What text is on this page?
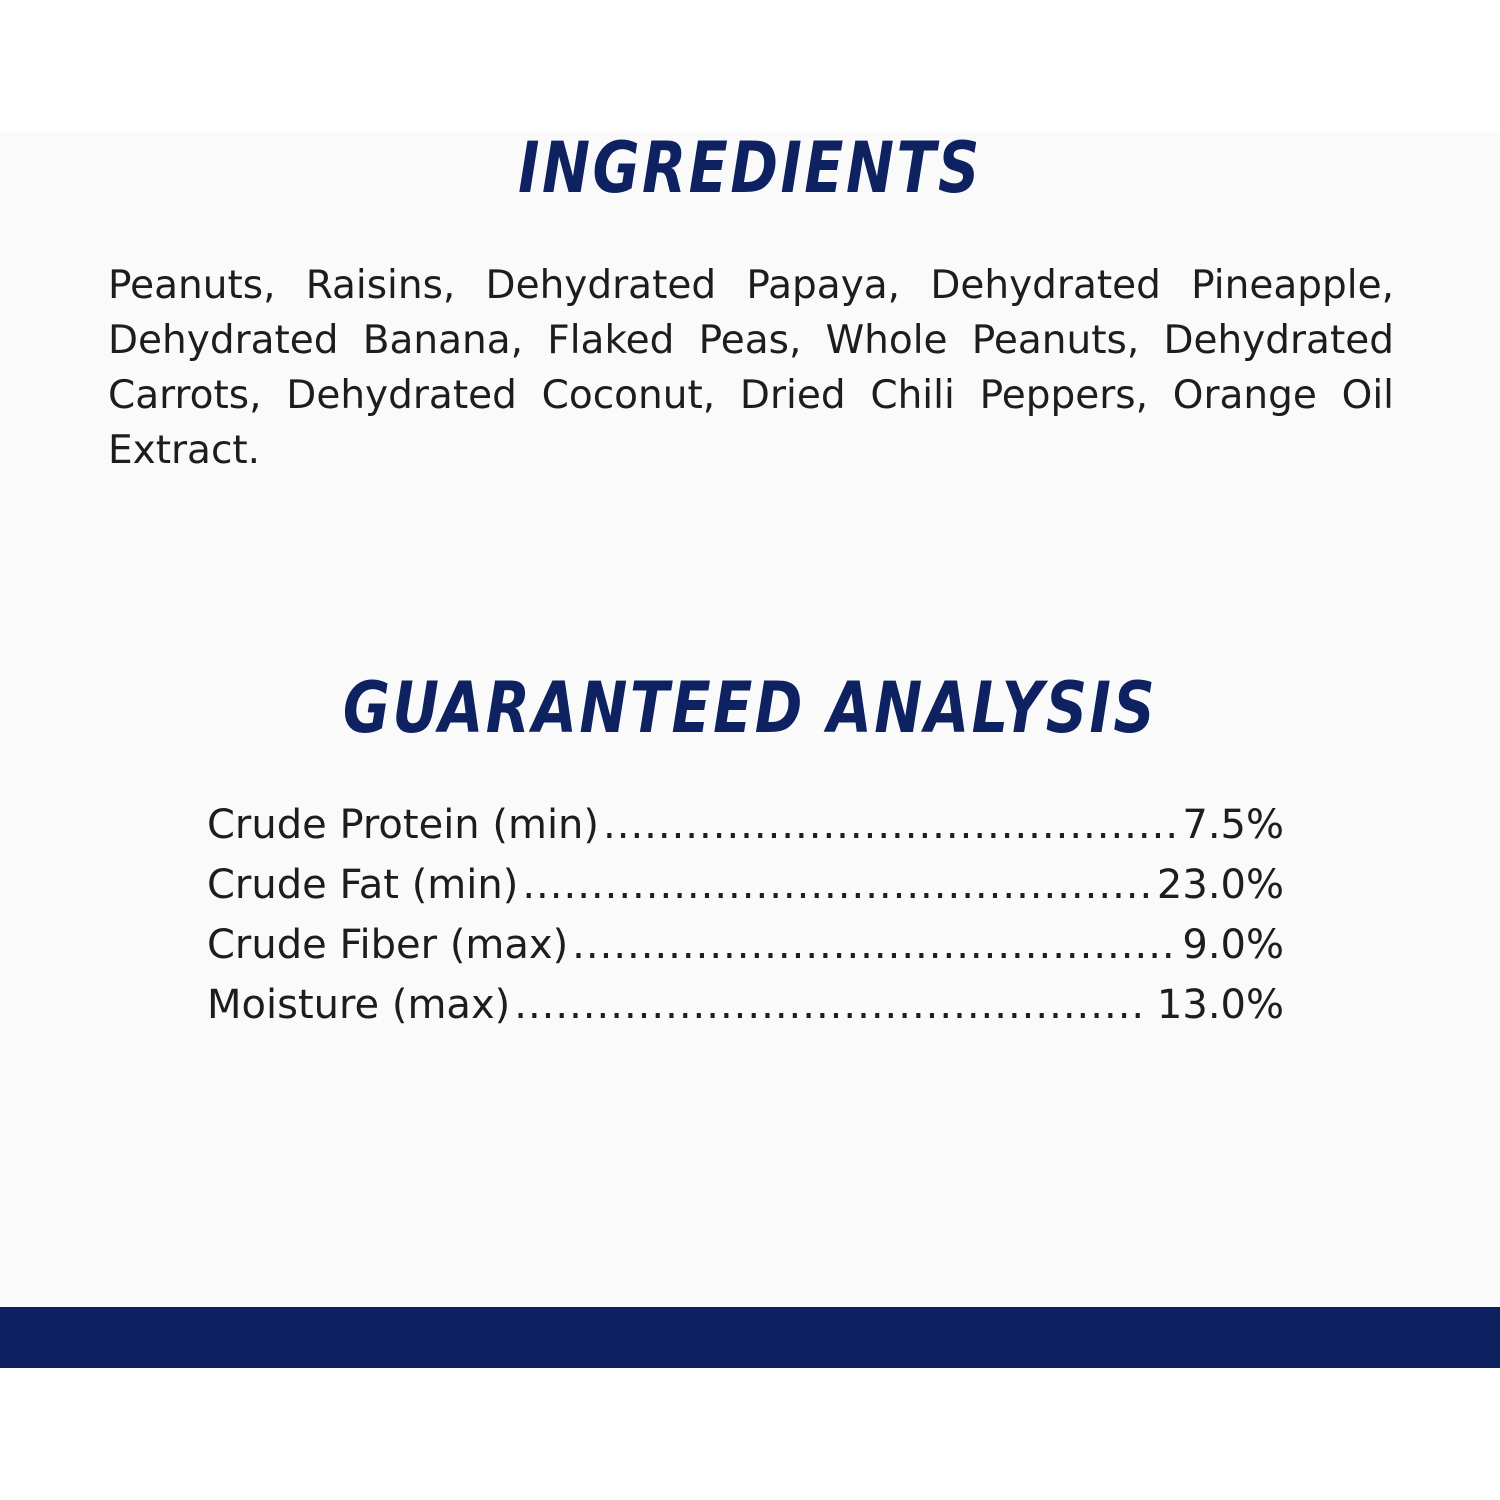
INGREDIENTS
Peanuts, Raisins, Dehydrated Papaya, Dehydrated Pineapple, Dehydrated Banana, Flaked Peas, Whole Peanuts, Dehydrated Carrots, Dehydrated Coconut, Dried Chili Peppers, Orange Oil Extract.
GUARANTEED ANALYSIS
Crude Protein (min) .....	7.5%
Crude Fat (min) .....	23.0%
Crude Fiber (max) .....	9.0%
Moisture (max) .....	13.0%
